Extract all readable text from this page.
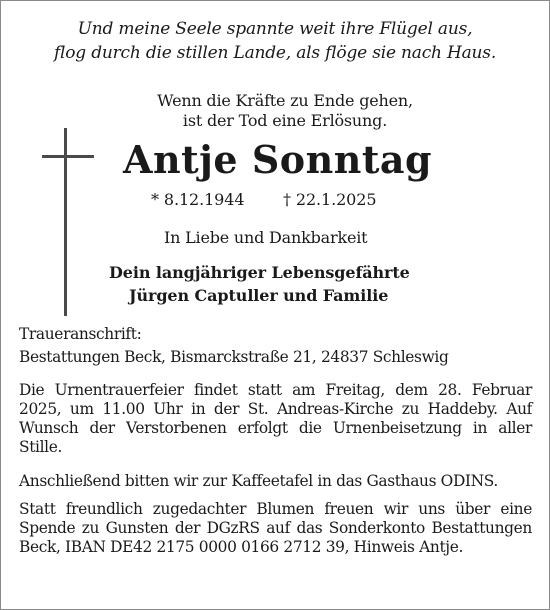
Und meine Seele spannte weit ihre Flügel aus,
flog durch die stillen Lande, als flöge sie nach Haus.
Wenn die Kräfte zu Ende gehen,
ist der Tod eine Erlösung.
Antje Sonntag
* 8.12.1944 † 22.1.2025
In Liebe und Dankbarkeit
Dein langjähriger Lebensgefährte
Jürgen Captuller und Familie
Traueranschrift:
Bestattungen Beck, Bismarckstraße 21, 24837 Schleswig
Die Urnentrauerfeier findet statt am Freitag, dem 28. Februar 2025, um 11.00 Uhr in der St. Andreas-Kirche zu Haddeby. Auf Wunsch der Verstorbenen erfolgt die Urnenbeisetzung in aller Stille.
Anschließend bitten wir zur Kaffeetafel in das Gasthaus ODINS.
Statt freundlich zugedachter Blumen freuen wir uns über eine Spende zu Gunsten der DGzRS auf das Sonderkonto Bestattungen Beck, IBAN DE42 2175 0000 0166 2712 39, Hinweis Antje.
